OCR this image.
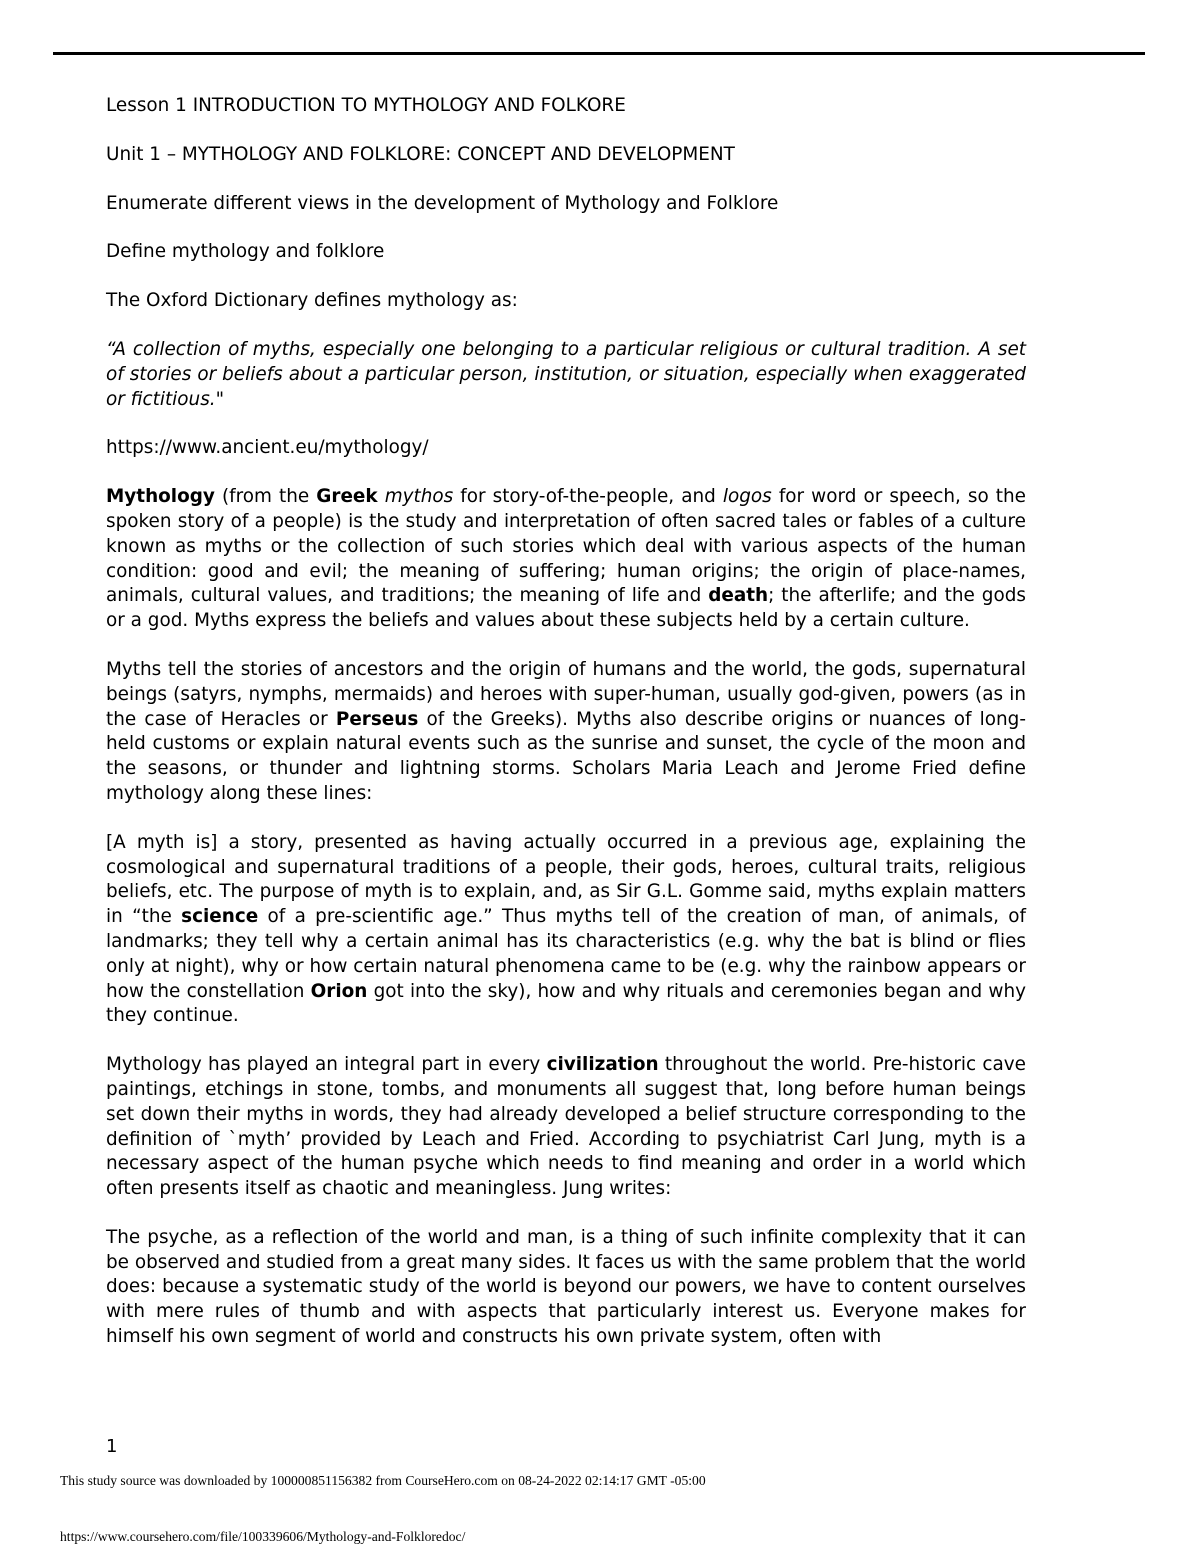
Lesson 1 INTRODUCTION TO MYTHOLOGY AND FOLKORE
Unit 1 – MYTHOLOGY AND FOLKLORE: CONCEPT AND DEVELOPMENT
Enumerate different views in the development of Mythology and Folklore
Define mythology and folklore
The Oxford Dictionary defines mythology as:
“A collection of myths, especially one belonging to a particular religious or cultural tradition. A set of stories or beliefs about a particular person, institution, or situation, especially when exaggerated or fictitious."
https://www.ancient.eu/mythology/
Mythology (from the Greek mythos for story-of-the-people, and logos for word or speech, so the spoken story of a people) is the study and interpretation of often sacred tales or fables of a culture known as myths or the collection of such stories which deal with various aspects of the human condition: good and evil; the meaning of suffering; human origins; the origin of place-names, animals, cultural values, and traditions; the meaning of life and death; the afterlife; and the gods or a god. Myths express the beliefs and values about these subjects held by a certain culture.
Myths tell the stories of ancestors and the origin of humans and the world, the gods, supernatural beings (satyrs, nymphs, mermaids) and heroes with super-human, usually god-given, powers (as in the case of Heracles or Perseus of the Greeks). Myths also describe origins or nuances of long-held customs or explain natural events such as the sunrise and sunset, the cycle of the moon and the seasons, or thunder and lightning storms. Scholars Maria Leach and Jerome Fried define mythology along these lines:
[A myth is] a story, presented as having actually occurred in a previous age, explaining the cosmological and supernatural traditions of a people, their gods, heroes, cultural traits, religious beliefs, etc. The purpose of myth is to explain, and, as Sir G.L. Gomme said, myths explain matters in “the science of a pre-scientific age.” Thus myths tell of the creation of man, of animals, of landmarks; they tell why a certain animal has its characteristics (e.g. why the bat is blind or flies only at night), why or how certain natural phenomena came to be (e.g. why the rainbow appears or how the constellation Orion got into the sky), how and why rituals and ceremonies began and why they continue.
Mythology has played an integral part in every civilization throughout the world. Pre-historic cave paintings, etchings in stone, tombs, and monuments all suggest that, long before human beings set down their myths in words, they had already developed a belief structure corresponding to the definition of `myth’ provided by Leach and Fried. According to psychiatrist Carl Jung, myth is a necessary aspect of the human psyche which needs to find meaning and order in a world which often presents itself as chaotic and meaningless. Jung writes:
The psyche, as a reflection of the world and man, is a thing of such infinite complexity that it can be observed and studied from a great many sides. It faces us with the same problem that the world does: because a systematic study of the world is beyond our powers, we have to content ourselves with mere rules of thumb and with aspects that particularly interest us. Everyone makes for himself his own segment of world and constructs his own private system, often with
1
This study source was downloaded by 100000851156382 from CourseHero.com on 08-24-2022 02:14:17 GMT -05:00
https://www.coursehero.com/file/100339606/Mythology-and-Folkloredoc/
